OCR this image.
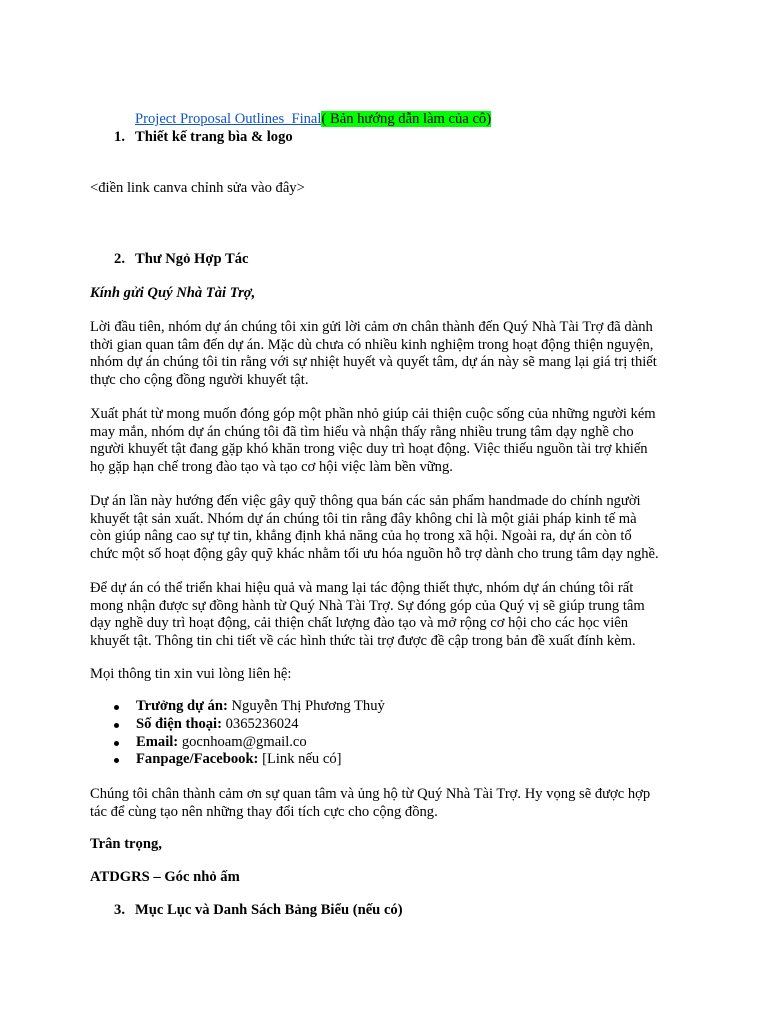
Project Proposal Outlines_Final( Bản hướng dẫn làm của cô)
1. Thiết kế trang bìa & logo
<điền link canva chỉnh sửa vào đây>
2. Thư Ngỏ Hợp Tác
Kính gửi Quý Nhà Tài Trợ,
Lời đầu tiên, nhóm dự án chúng tôi xin gửi lời cảm ơn chân thành đến Quý Nhà Tài Trợ đã dành
thời gian quan tâm đến dự án. Mặc dù chưa có nhiều kinh nghiệm trong hoạt động thiện nguyện,
nhóm dự án chúng tôi tin rằng với sự nhiệt huyết và quyết tâm, dự án này sẽ mang lại giá trị thiết
thực cho cộng đồng người khuyết tật.
Xuất phát từ mong muốn đóng góp một phần nhỏ giúp cải thiện cuộc sống của những người kém
may mắn, nhóm dự án chúng tôi đã tìm hiểu và nhận thấy rằng nhiều trung tâm dạy nghề cho
người khuyết tật đang gặp khó khăn trong việc duy trì hoạt động. Việc thiếu nguồn tài trợ khiến
họ gặp hạn chế trong đào tạo và tạo cơ hội việc làm bền vững.
Dự án lần này hướng đến việc gây quỹ thông qua bán các sản phẩm handmade do chính người
khuyết tật sản xuất. Nhóm dự án chúng tôi tin rằng đây không chỉ là một giải pháp kinh tế mà
còn giúp nâng cao sự tự tin, khẳng định khả năng của họ trong xã hội. Ngoài ra, dự án còn tổ
chức một số hoạt động gây quỹ khác nhằm tối ưu hóa nguồn hỗ trợ dành cho trung tâm dạy nghề.
Để dự án có thể triển khai hiệu quả và mang lại tác động thiết thực, nhóm dự án chúng tôi rất
mong nhận được sự đồng hành từ Quý Nhà Tài Trợ. Sự đóng góp của Quý vị sẽ giúp trung tâm
dạy nghề duy trì hoạt động, cải thiện chất lượng đào tạo và mở rộng cơ hội cho các học viên
khuyết tật. Thông tin chi tiết về các hình thức tài trợ được đề cập trong bản đề xuất đính kèm.
Mọi thông tin xin vui lòng liên hệ:
Trưởng dự án: Nguyễn Thị Phương Thuỷ
Số điện thoại: 0365236024
Email: gocnhoam@gmail.co
Fanpage/Facebook: [Link nếu có]
Chúng tôi chân thành cảm ơn sự quan tâm và ủng hộ từ Quý Nhà Tài Trợ. Hy vọng sẽ được hợp
tác để cùng tạo nên những thay đổi tích cực cho cộng đồng.
Trân trọng,
ATDGRS – Góc nhỏ ấm
3. Mục Lục và Danh Sách Bảng Biểu (nếu có)
